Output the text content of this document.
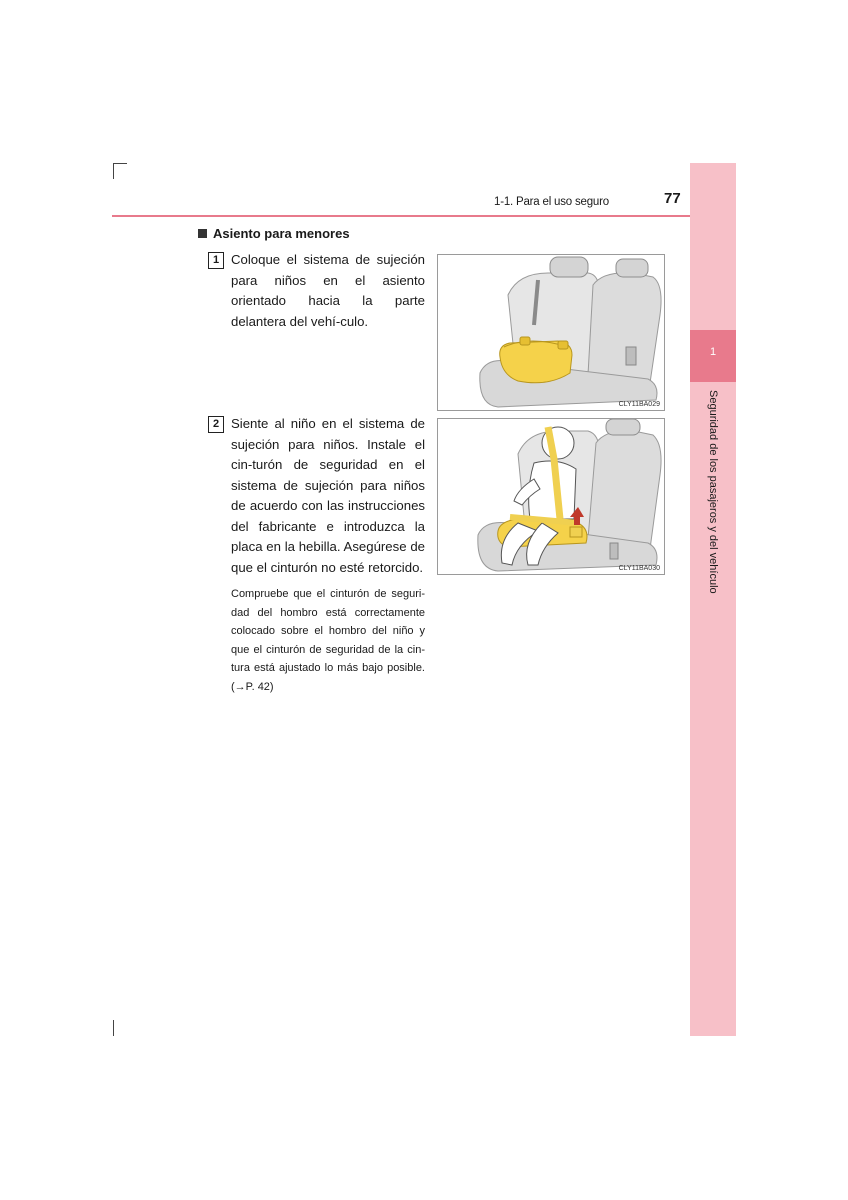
1-1. Para el uso seguro	77
1
Seguridad de los pasajeros y del vehículo
Asiento para menores
1 Coloque el sistema de sujeción para niños en el asiento orientado hacia la parte delantera del vehí-culo.
2 Siente al niño en el sistema de sujeción para niños. Instale el cin-turón de seguridad en el sistema de sujeción para niños de acuerdo con las instrucciones del fabricante e introduzca la placa en la hebilla. Asegúrese de que el cinturón no esté retorcido.
Compruebe que el cinturón de seguri-dad del hombro está correctamente colocado sobre el hombro del niño y que el cinturón de seguridad de la cin-tura está ajustado lo más bajo posible. (→P. 42)
CLY11BA029
CLY11BA030
